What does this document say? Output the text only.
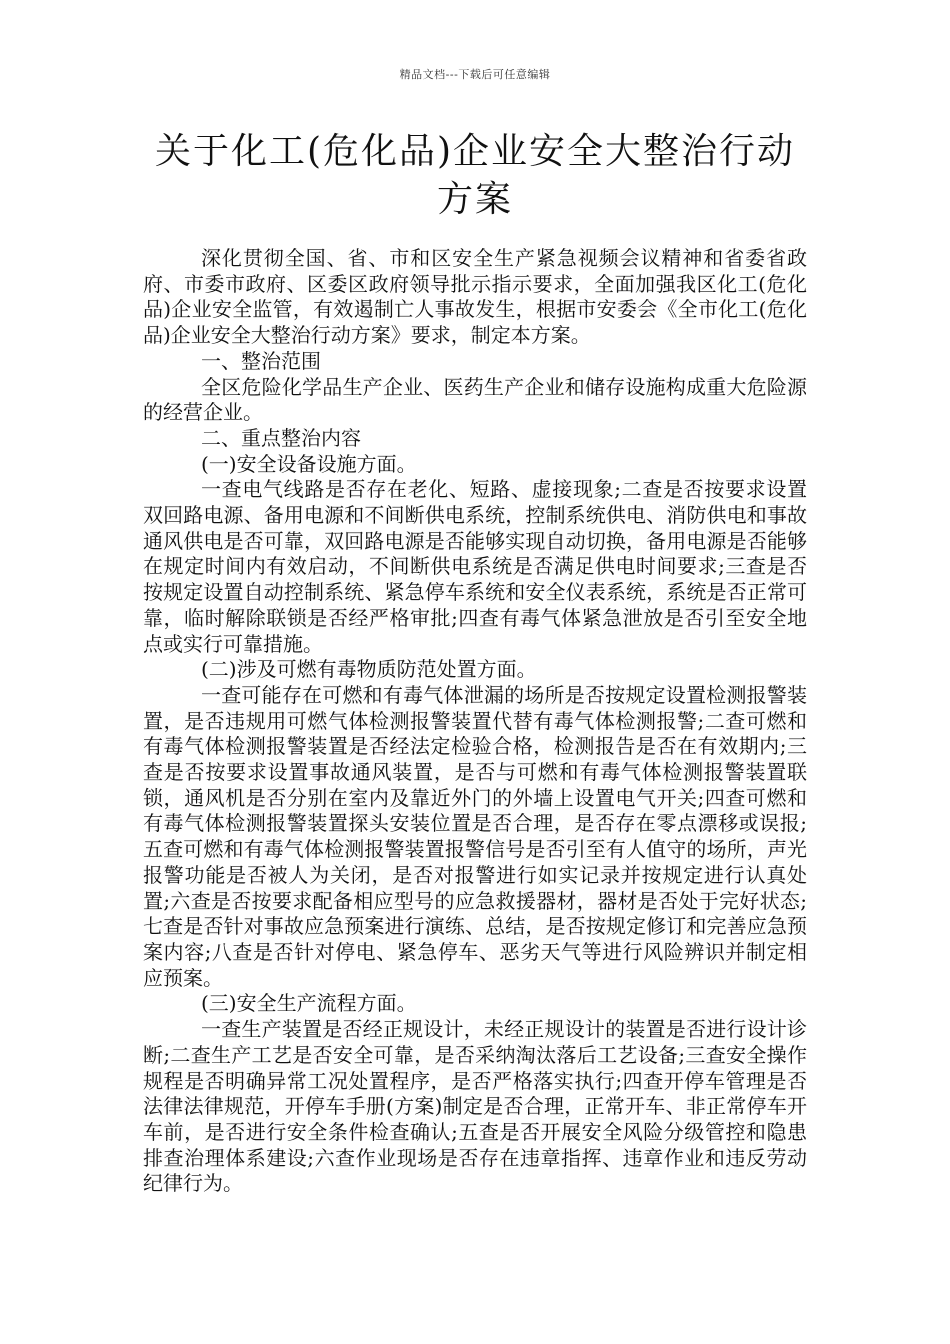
精品文档---下载后可任意编辑
关于化工(危化品)企业安全大整治行动方案

深化贯彻全国、省、市和区安全生产紧急视频会议精神和省委省政府、市委市政府、区委区政府领导批示指示要求，全面加强我区化工(危化品)企业安全监管，有效遏制亡人事故发生，根据市安委会《全市化工(危化品)企业安全大整治行动方案》要求，制定本方案。

一、整治范围

全区危险化学品生产企业、医药生产企业和储存设施构成重大危险源的经营企业。

二、重点整治内容

(一)安全设备设施方面。

一查电气线路是否存在老化、短路、虚接现象;二查是否按要求设置双回路电源、备用电源和不间断供电系统，控制系统供电、消防供电和事故通风供电是否可靠，双回路电源是否能够实现自动切换，备用电源是否能够在规定时间内有效启动，不间断供电系统是否满足供电时间要求;三查是否按规定设置自动控制系统、紧急停车系统和安全仪表系统，系统是否正常可靠，临时解除联锁是否经严格审批;四查有毒气体紧急泄放是否引至安全地点或实行可靠措施。

(二)涉及可燃有毒物质防范处置方面。

一查可能存在可燃和有毒气体泄漏的场所是否按规定设置检测报警装置，是否违规用可燃气体检测报警装置代替有毒气体检测报警;二查可燃和有毒气体检测报警装置是否经法定检验合格，检测报告是否在有效期内;三查是否按要求设置事故通风装置，是否与可燃和有毒气体检测报警装置联锁，通风机是否分别在室内及靠近外门的外墙上设置电气开关;四查可燃和有毒气体检测报警装置探头安装位置是否合理，是否存在零点漂移或误报;五查可燃和有毒气体检测报警装置报警信号是否引至有人值守的场所，声光报警功能是否被人为关闭，是否对报警进行如实记录并按规定进行认真处置;六查是否按要求配备相应型号的应急救援器材，器材是否处于完好状态;七查是否针对事故应急预案进行演练、总结，是否按规定修订和完善应急预案内容;八查是否针对停电、紧急停车、恶劣天气等进行风险辨识并制定相应预案。

(三)安全生产流程方面。

一查生产装置是否经正规设计，未经正规设计的装置是否进行设计诊断;二查生产工艺是否安全可靠，是否采纳淘汰落后工艺设备;三查安全操作规程是否明确异常工况处置程序，是否严格落实执行;四查开停车管理是否法律法律规范，开停车手册(方案)制定是否合理，正常开车、非正常停车开车前，是否进行安全条件检查确认;五查是否开展安全风险分级管控和隐患排查治理体系建设;六查作业现场是否存在违章指挥、违章作业和违反劳动纪律行为。
